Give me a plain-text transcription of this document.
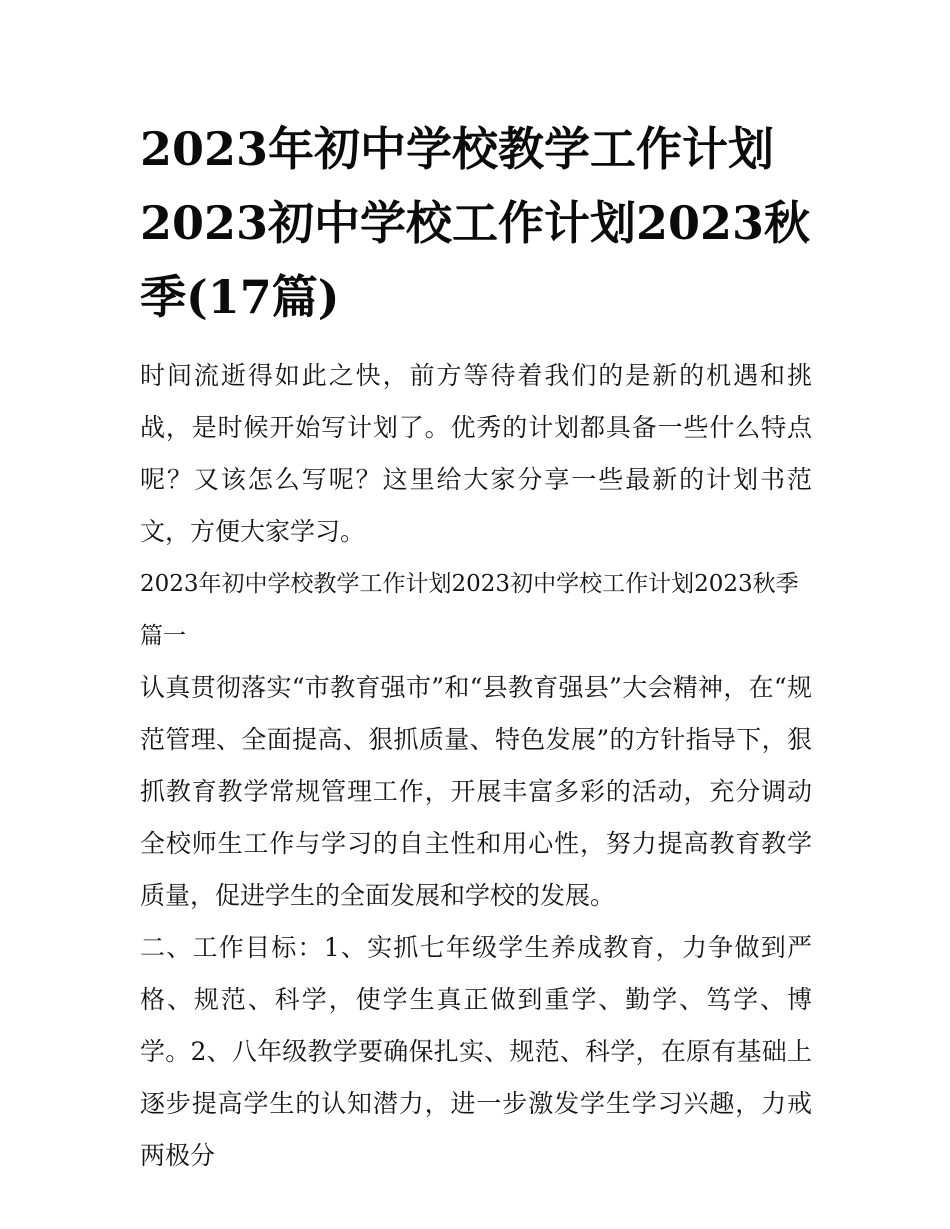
2023年初中学校教学工作计划2023初中学校工作计划2023秋季(17篇)

时间流逝得如此之快，前方等待着我们的是新的机遇和挑战，是时候开始写计划了。优秀的计划都具备一些什么特点呢？又该怎么写呢？这里给大家分享一些最新的计划书范文，方便大家学习。

2023年初中学校教学工作计划2023初中学校工作计划2023秋季篇一

认真贯彻落实“市教育强市”和“县教育强县”大会精神，在“规范管理、全面提高、狠抓质量、特色发展”的方针指导下，狠抓教育教学常规管理工作，开展丰富多彩的活动，充分调动全校师生工作与学习的自主性和用心性，努力提高教育教学质量，促进学生的全面发展和学校的发展。

二、工作目标：1、实抓七年级学生养成教育，力争做到严格、规范、科学，使学生真正做到重学、勤学、笃学、博学。2、八年级教学要确保扎实、规范、科学，在原有基础上逐步提高学生的认知潜力，进一步激发学生学习兴趣，力戒两极分
